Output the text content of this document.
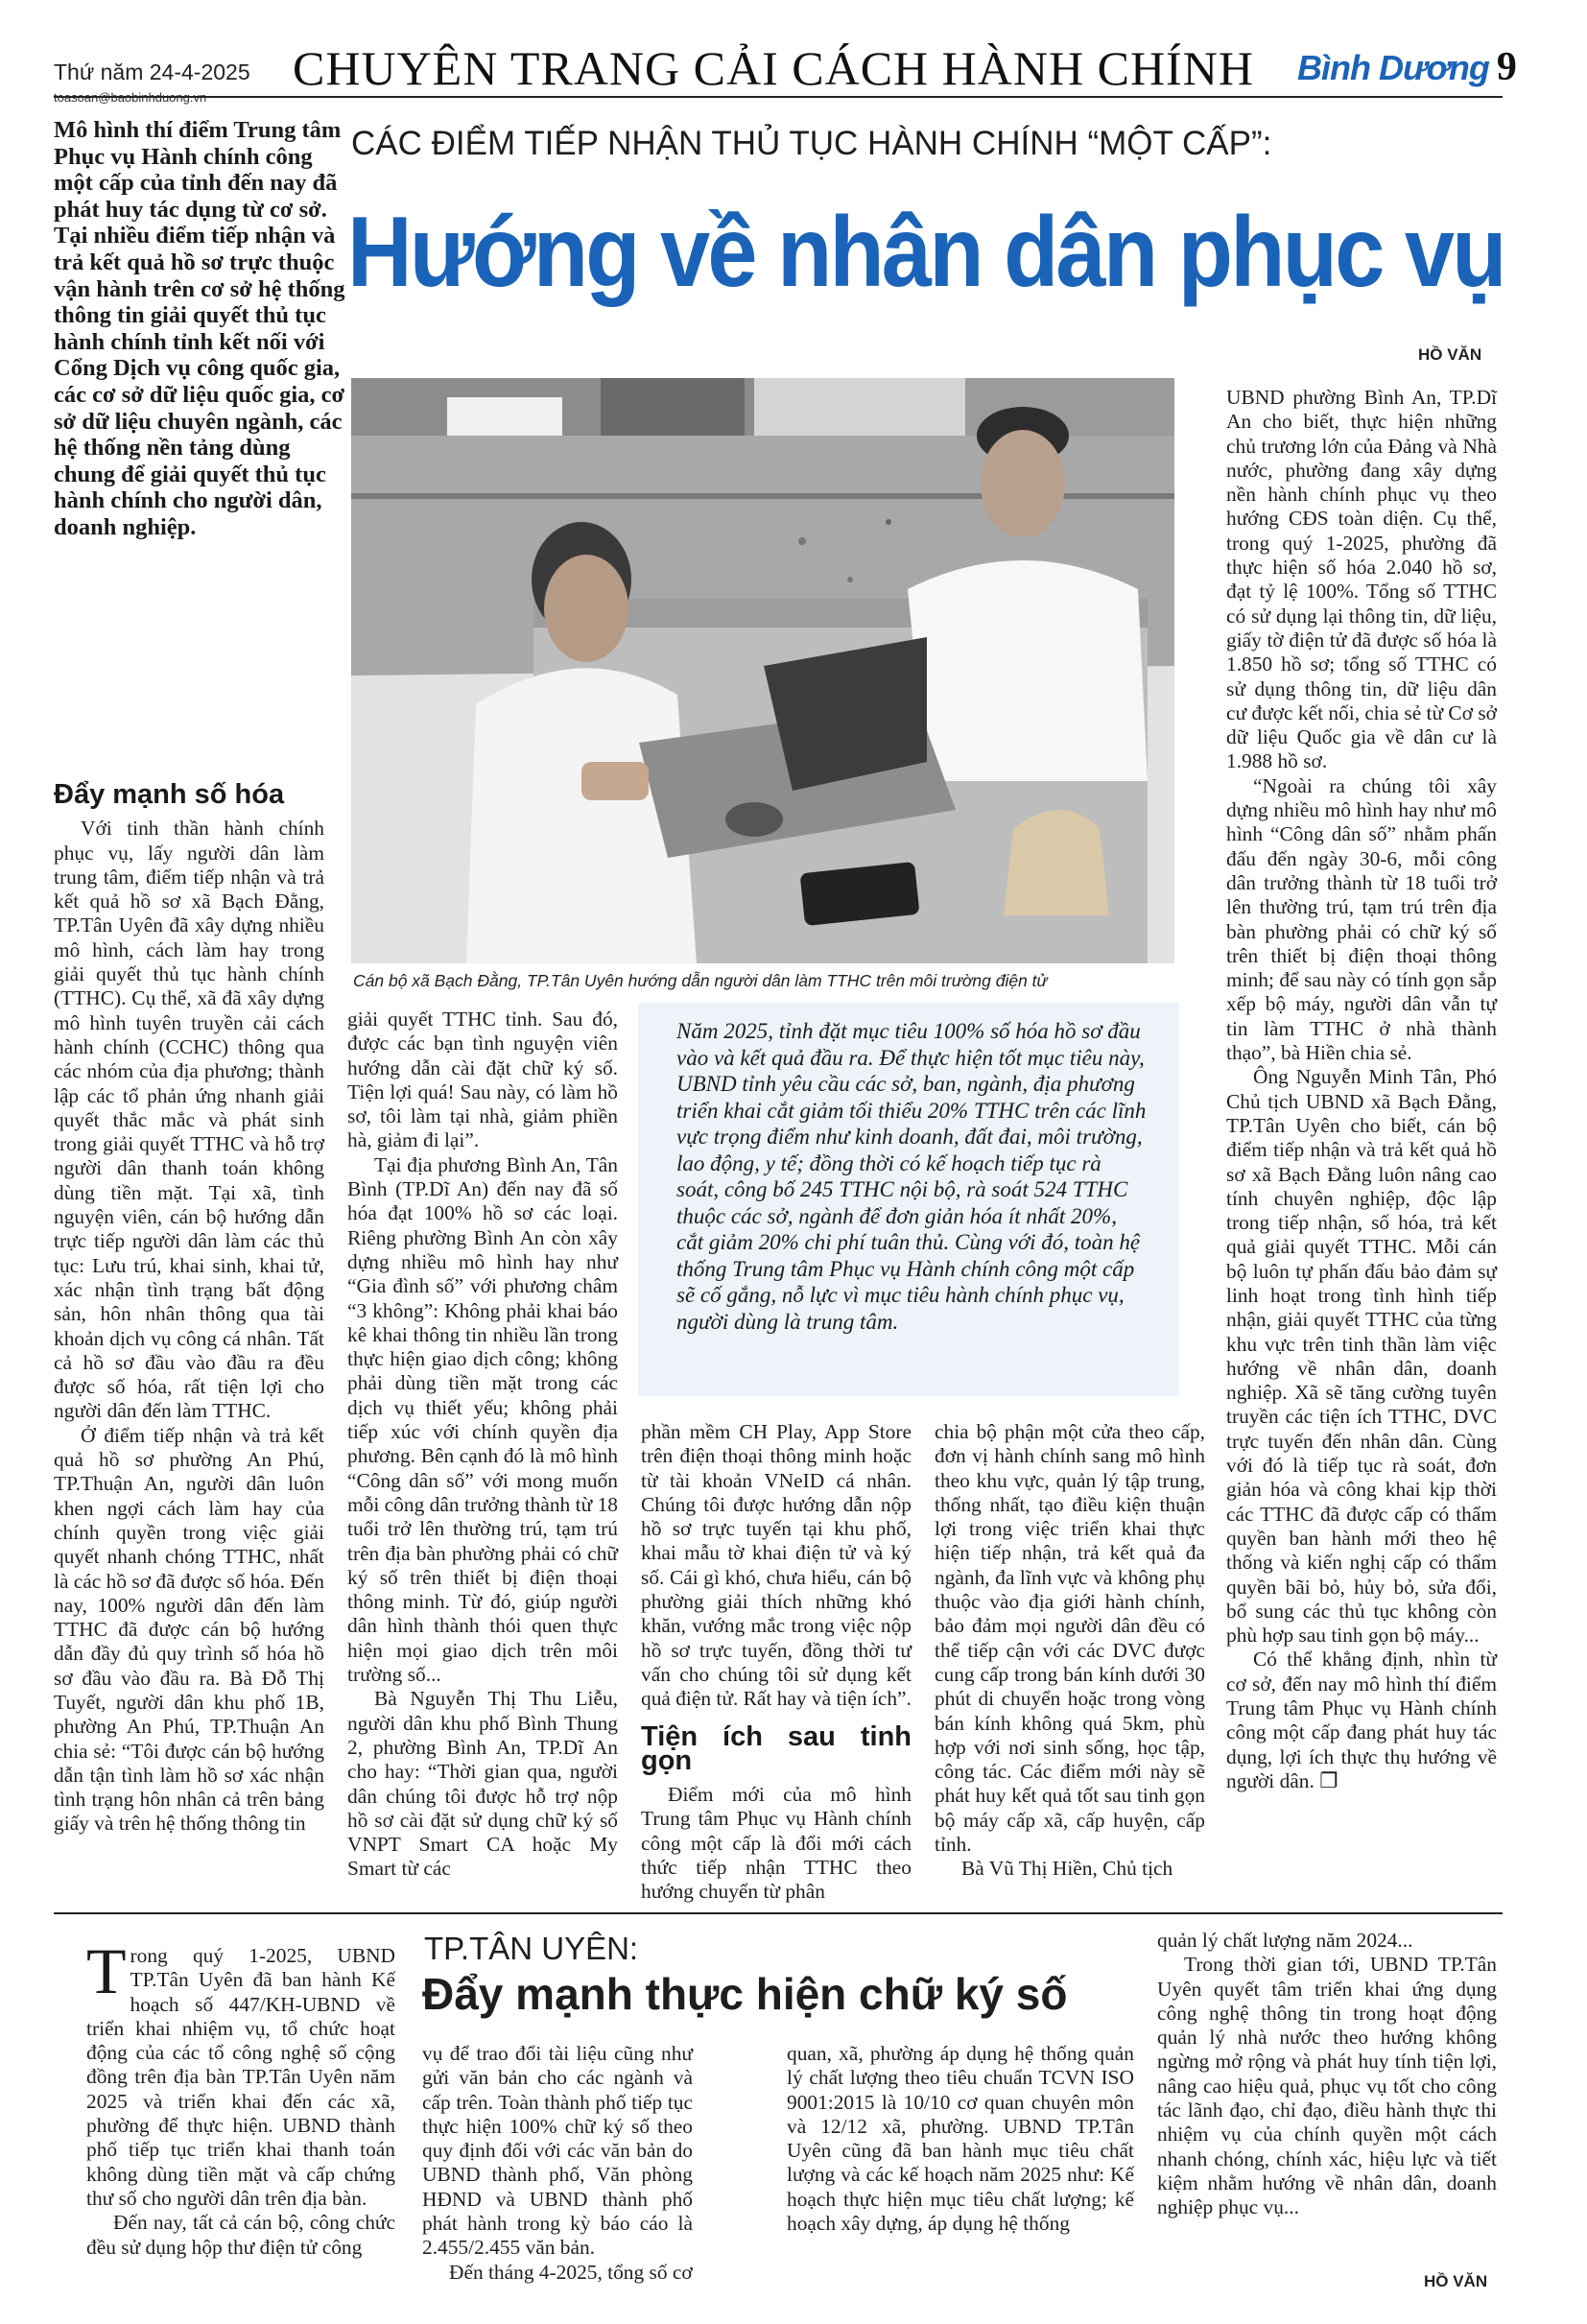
Thứ năm 24-4-2025 CHUYÊN TRANG CẢI CÁCH HÀNH CHÍNH Bình Dương 9
Mô hình thí điểm Trung tâm Phục vụ Hành chính công một cấp của tỉnh đến nay đã phát huy tác dụng từ cơ sở. Tại nhiều điểm tiếp nhận và trả kết quả hồ sơ trực thuộc vận hành trên cơ sở hệ thống thông tin giải quyết thủ tục hành chính tỉnh kết nối với Cổng Dịch vụ công quốc gia, các cơ sở dữ liệu quốc gia, cơ sở dữ liệu chuyên ngành, các hệ thống nền tảng dùng chung để giải quyết thủ tục hành chính cho người dân, doanh nghiệp.
CÁC ĐIỂM TIẾP NHẬN THỦ TỤC HÀNH CHÍNH “MỘT CẤP”:
Hướng về nhân dân phục vụ
HỒ VĂN
Cán bộ xã Bạch Đằng, TP.Tân Uyên hướng dẫn người dân làm TTHC trên môi trường điện tử
Đẩy mạnh số hóa

Với tinh thần hành chính phục vụ, lấy người dân làm trung tâm, điểm tiếp nhận và trả kết quả hồ sơ xã Bạch Đằng, TP.Tân Uyên đã xây dựng nhiều mô hình, cách làm hay trong giải quyết thủ tục hành chính (TTHC). Cụ thể, xã đã xây dựng mô hình tuyên truyền cải cách hành chính (CCHC) thông qua các nhóm của địa phương; thành lập các tổ phản ứng nhanh giải quyết thắc mắc và phát sinh trong giải quyết TTHC và hỗ trợ người dân thanh toán không dùng tiền mặt. Tại xã, tình nguyện viên, cán bộ hướng dẫn trực tiếp người dân làm các thủ tục: Lưu trú, khai sinh, khai tử, xác nhận tình trạng bất động sản, hôn nhân thông qua tài khoản dịch vụ công cá nhân. Tất cả hồ sơ đầu vào đầu ra đều được số hóa, rất tiện lợi cho người dân đến làm TTHC.

Ở điểm tiếp nhận và trả kết quả hồ sơ phường An Phú, TP.Thuận An, người dân luôn khen ngợi cách làm hay của chính quyền trong việc giải quyết nhanh chóng TTHC, nhất là các hồ sơ đã được số hóa. Đến nay, 100% người dân đến làm TTHC đã được cán bộ hướng dẫn đầy đủ quy trình số hóa hồ sơ đầu vào đầu ra. Bà Đỗ Thị Tuyết, người dân khu phố 1B, phường An Phú, TP.Thuận An chia sẻ: “Tôi được cán bộ hướng dẫn tận tình làm hồ sơ xác nhận tình trạng hôn nhân cả trên bảng giấy và trên hệ thống thông tin

giải quyết TTHC tỉnh. Sau đó, được các bạn tình nguyện viên hướng dẫn cài đặt chữ ký số. Tiện lợi quá! Sau này, có làm hồ sơ, tôi làm tại nhà, giảm phiền hà, giảm đi lại”.

Tại địa phương Bình An, Tân Bình (TP.Dĩ An) đến nay đã số hóa đạt 100% hồ sơ các loại. Riêng phường Bình An còn xây dựng nhiều mô hình hay như “Gia đình số” với phương châm “3 không”: Không phải khai báo kê khai thông tin nhiều lần trong thực hiện giao dịch công; không phải dùng tiền mặt trong các dịch vụ thiết yếu; không phải tiếp xúc với chính quyền địa phương. Bên cạnh đó là mô hình “Công dân số” với mong muốn mỗi công dân trưởng thành từ 18 tuổi trở lên thường trú, tạm trú trên địa bàn phường phải có chữ ký số trên thiết bị điện thoại thông minh. Từ đó, giúp người dân hình thành thói quen thực hiện mọi giao dịch trên môi trường số...

Bà Nguyễn Thị Thu Liễu, người dân khu phố Bình Thung 2, phường Bình An, TP.Dĩ An cho hay: “Thời gian qua, người dân chúng tôi được hỗ trợ nộp hồ sơ cài đặt sử dụng chữ ký số VNPT Smart CA hoặc My Smart từ các

Năm 2025, tỉnh đặt mục tiêu 100% số hóa hồ sơ đầu vào và kết quả đầu ra. Để thực hiện tốt mục tiêu này, UBND tỉnh yêu cầu các sở, ban, ngành, địa phương triển khai cắt giảm tối thiểu 20% TTHC trên các lĩnh vực trọng điểm như kinh doanh, đất đai, môi trường, lao động, y tế; đồng thời có kế hoạch tiếp tục rà soát, công bố 245 TTHC nội bộ, rà soát 524 TTHC thuộc các sở, ngành để đơn giản hóa ít nhất 20%, cắt giảm 20% chi phí tuân thủ. Cùng với đó, toàn hệ thống Trung tâm Phục vụ Hành chính công một cấp sẽ cố gắng, nỗ lực vì mục tiêu hành chính phục vụ, người dùng là trung tâm.

phần mềm CH Play, App Store trên điện thoại thông minh hoặc từ tài khoản VNeID cá nhân. Chúng tôi được hướng dẫn nộp hồ sơ trực tuyến tại khu phố, khai mẫu tờ khai điện tử và ký số. Cái gì khó, chưa hiểu, cán bộ phường giải thích những khó khăn, vướng mắc trong việc nộp hồ sơ trực tuyến, đồng thời tư vấn cho chúng tôi sử dụng kết quả điện tử. Rất hay và tiện ích”.

Tiện ích sau tinh gọn

Điểm mới của mô hình Trung tâm Phục vụ Hành chính công một cấp là đổi mới cách thức tiếp nhận TTHC theo hướng chuyển từ phân

chia bộ phận một cửa theo cấp, đơn vị hành chính sang mô hình theo khu vực, quản lý tập trung, thống nhất, tạo điều kiện thuận lợi trong việc triển khai thực hiện tiếp nhận, trả kết quả đa ngành, đa lĩnh vực và không phụ thuộc vào địa giới hành chính, bảo đảm mọi người dân đều có thể tiếp cận với các DVC được cung cấp trong bán kính dưới 30 phút di chuyển hoặc trong vòng bán kính không quá 5km, phù hợp với nơi sinh sống, học tập, công tác. Các điểm mới này sẽ phát huy kết quả tốt sau tinh gọn bộ máy cấp xã, cấp huyện, cấp tỉnh.

Bà Vũ Thị Hiền, Chủ tịch

UBND phường Bình An, TP.Dĩ An cho biết, thực hiện những chủ trương lớn của Đảng và Nhà nước, phường đang xây dựng nền hành chính phục vụ theo hướng CĐS toàn diện. Cụ thể, trong quý 1-2025, phường đã thực hiện số hóa 2.040 hồ sơ, đạt tỷ lệ 100%. Tổng số TTHC có sử dụng lại thông tin, dữ liệu, giấy tờ điện tử đã được số hóa là 1.850 hồ sơ; tổng số TTHC có sử dụng thông tin, dữ liệu dân cư được kết nối, chia sẻ từ Cơ sở dữ liệu Quốc gia về dân cư là 1.988 hồ sơ.

“Ngoài ra chúng tôi xây dựng nhiều mô hình hay như mô hình “Công dân số” nhằm phấn đấu đến ngày 30-6, mỗi công dân trưởng thành từ 18 tuổi trở lên thường trú, tạm trú trên địa bàn phường phải có chữ ký số trên thiết bị điện thoại thông minh; để sau này có tính gọn sắp xếp bộ máy, người dân vẫn tự tin làm TTHC ở nhà thành thạo”, bà Hiền chia sẻ.

Ông Nguyễn Minh Tân, Phó Chủ tịch UBND xã Bạch Đằng, TP.Tân Uyên cho biết, cán bộ điểm tiếp nhận và trả kết quả hồ sơ xã Bạch Đằng luôn nâng cao tính chuyên nghiệp, độc lập trong tiếp nhận, số hóa, trả kết quả giải quyết TTHC. Mỗi cán bộ luôn tự phấn đấu bảo đảm sự linh hoạt trong tình hình tiếp nhận, giải quyết TTHC của từng khu vực trên tinh thần làm việc hướng về nhân dân, doanh nghiệp. Xã sẽ tăng cường tuyên truyền các tiện ích TTHC, DVC trực tuyến đến nhân dân. Cùng với đó là tiếp tục rà soát, đơn giản hóa và công khai kịp thời các TTHC đã được cấp có thẩm quyền ban hành mới theo hệ thống và kiến nghị cấp có thẩm quyền bãi bỏ, hủy bỏ, sửa đổi, bổ sung các thủ tục không còn phù hợp sau tinh gọn bộ máy...

Có thể khẳng định, nhìn từ cơ sở, đến nay mô hình thí điểm Trung tâm Phục vụ Hành chính công một cấp đang phát huy tác dụng, lợi ích thực thụ hướng về người dân. ❐

Trong quý 1-2025, UBND TP.Tân Uyên đã ban hành Kế hoạch số 447/KH-UBND về triển khai nhiệm vụ, tổ chức hoạt động của các tổ công nghệ số cộng đồng trên địa bàn TP.Tân Uyên năm 2025 và triển khai đến các xã, phường để thực hiện. UBND thành phố tiếp tục triển khai thanh toán không dùng tiền mặt và cấp chứng thư số cho người dân trên địa bàn.

Đến nay, tất cả cán bộ, công chức đều sử dụng hộp thư điện tử công

TP.TÂN UYÊN:
Đẩy mạnh thực hiện chữ ký số

vụ để trao đổi tài liệu cũng như gửi văn bản cho các ngành và cấp trên. Toàn thành phố tiếp tục thực hiện 100% chữ ký số theo quy định đối với các văn bản do UBND thành phố, Văn phòng HĐND và UBND thành phố phát hành trong kỳ báo cáo là 2.455/2.455 văn bản.

Đến tháng 4-2025, tổng số cơ

quan, xã, phường áp dụng hệ thống quản lý chất lượng theo tiêu chuẩn TCVN ISO 9001:2015 là 10/10 cơ quan chuyên môn và 12/12 xã, phường. UBND TP.Tân Uyên cũng đã ban hành mục tiêu chất lượng và các kế hoạch năm 2025 như: Kế hoạch thực hiện mục tiêu chất lượng; kế hoạch xây dựng, áp dụng hệ thống

quản lý chất lượng năm 2024...

Trong thời gian tới, UBND TP.Tân Uyên quyết tâm triển khai ứng dụng công nghệ thông tin trong hoạt động quản lý nhà nước theo hướng không ngừng mở rộng và phát huy tính tiện lợi, nâng cao hiệu quả, phục vụ tốt cho công tác lãnh đạo, chỉ đạo, điều hành thực thi nhiệm vụ của chính quyền một cách nhanh chóng, chính xác, hiệu lực và tiết kiệm nhằm hướng về nhân dân, doanh nghiệp phục vụ...

HỒ VĂN
